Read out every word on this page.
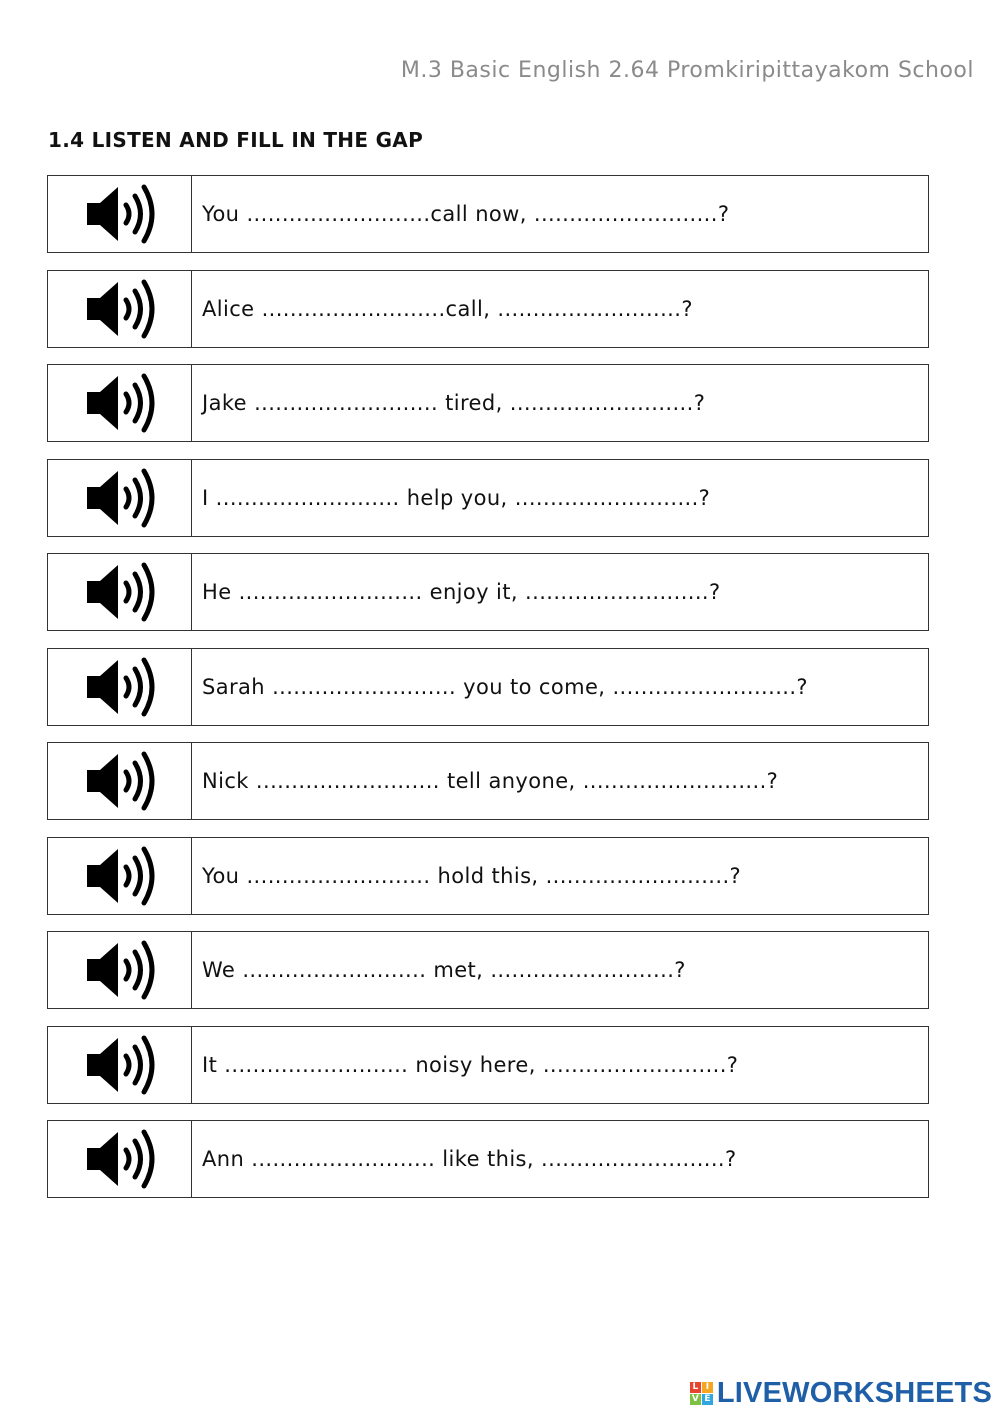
M.3 Basic English 2.64 Promkiripittayakom School
1.4 LISTEN AND FILL IN THE GAP
You ..........................call now, ..........................?
Alice ..........................call, ..........................?
Jake .......................... tired, ..........................?
I .......................... help you, ..........................?
He .......................... enjoy it, ..........................?
Sarah .......................... you to come, ..........................?
Nick .......................... tell anyone, ..........................?
You .......................... hold this, ..........................?
We .......................... met, ..........................?
It .......................... noisy here, ..........................?
Ann .......................... like this, ..........................?
L I
V E LIVEWORKSHEETS
